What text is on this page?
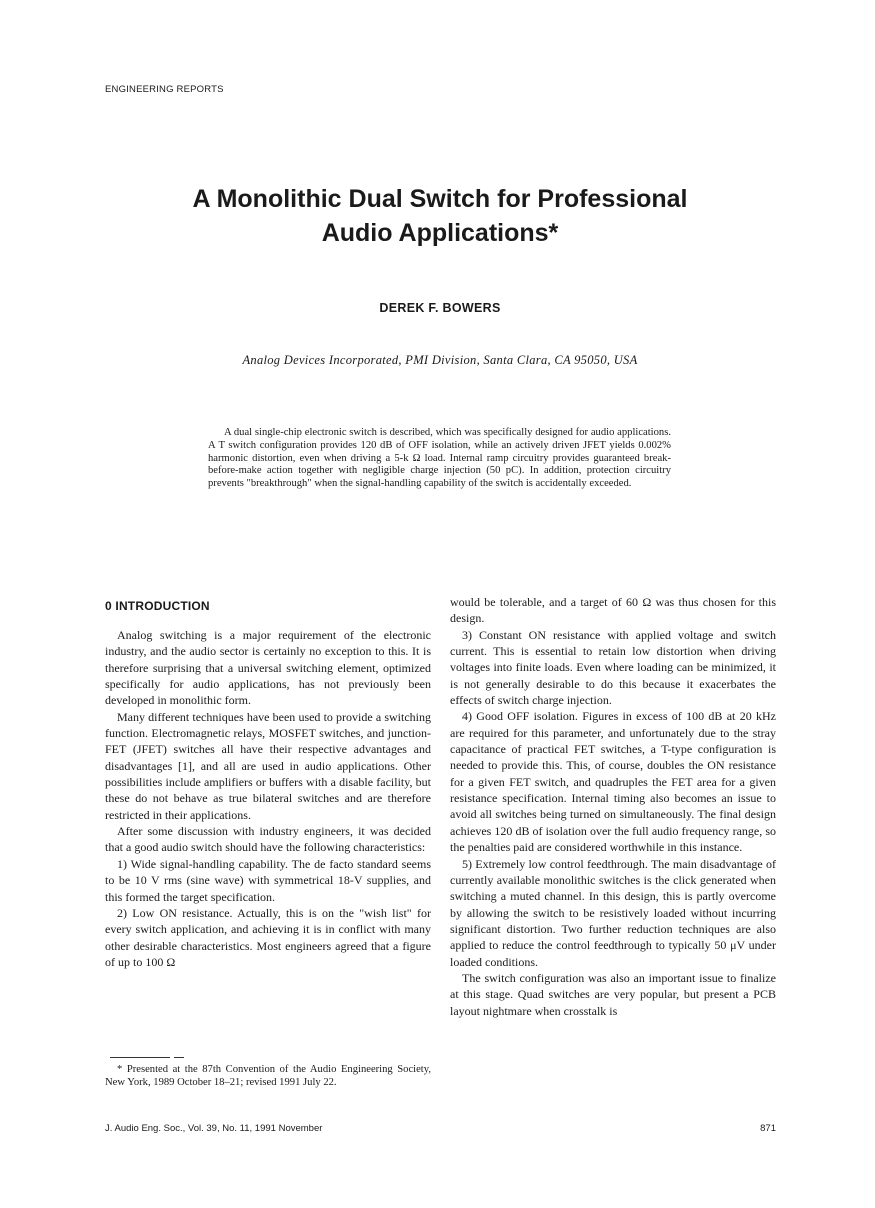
ENGINEERING REPORTS
A Monolithic Dual Switch for Professional
Audio Applications*
DEREK F. BOWERS
Analog Devices Incorporated, PMI Division, Santa Clara, CA 95050, USA
A dual single-chip electronic switch is described, which was specifically designed for audio applications. A T switch configuration provides 120 dB of OFF isolation, while an actively driven JFET yields 0.002% harmonic distortion, even when driving a 5-k Ω load. Internal ramp circuitry provides guaranteed break-before-make action together with negligible charge injection (50 pC). In addition, protection circuitry prevents "breakthrough" when the signal-handling capability of the switch is accidentally exceeded.
0 INTRODUCTION

Analog switching is a major requirement of the electronic industry, and the audio sector is certainly no exception to this. It is therefore surprising that a universal switching element, optimized specifically for audio applications, has not previously been developed in monolithic form.

Many different techniques have been used to provide a switching function. Electromagnetic relays, MOSFET switches, and junction-FET (JFET) switches all have their respective advantages and disadvantages [1], and all are used in audio applications. Other possibilities include amplifiers or buffers with a disable facility, but these do not behave as true bilateral switches and are therefore restricted in their applications.

After some discussion with industry engineers, it was decided that a good audio switch should have the following characteristics:

1) Wide signal-handling capability. The de facto standard seems to be 10 V rms (sine wave) with symmetrical 18-V supplies, and this formed the target specification.

2) Low ON resistance. Actually, this is on the "wish list" for every switch application, and achieving it is in conflict with many other desirable characteristics. Most engineers agreed that a figure of up to 100 Ω

would be tolerable, and a target of 60 Ω was thus chosen for this design.

3) Constant ON resistance with applied voltage and switch current. This is essential to retain low distortion when driving voltages into finite loads. Even where loading can be minimized, it is not generally desirable to do this because it exacerbates the effects of switch charge injection.

4) Good OFF isolation. Figures in excess of 100 dB at 20 kHz are required for this parameter, and unfortunately due to the stray capacitance of practical FET switches, a T-type configuration is needed to provide this. This, of course, doubles the ON resistance for a given FET switch, and quadruples the FET area for a given resistance specification. Internal timing also becomes an issue to avoid all switches being turned on simultaneously. The final design achieves 120 dB of isolation over the full audio frequency range, so the penalties paid are considered worthwhile in this instance.

5) Extremely low control feedthrough. The main disadvantage of currently available monolithic switches is the click generated when switching a muted channel. In this design, this is partly overcome by allowing the switch to be resistively loaded without incurring significant distortion. Two further reduction techniques are also applied to reduce the control feedthrough to typically 50 μV under loaded conditions.

The switch configuration was also an important issue to finalize at this stage. Quad switches are very popular, but present a PCB layout nightmare when crosstalk is

* Presented at the 87th Convention of the Audio Engineering Society, New York, 1989 October 18–21; revised 1991 July 22.
J. Audio Eng. Soc., Vol. 39, No. 11, 1991 November	871
